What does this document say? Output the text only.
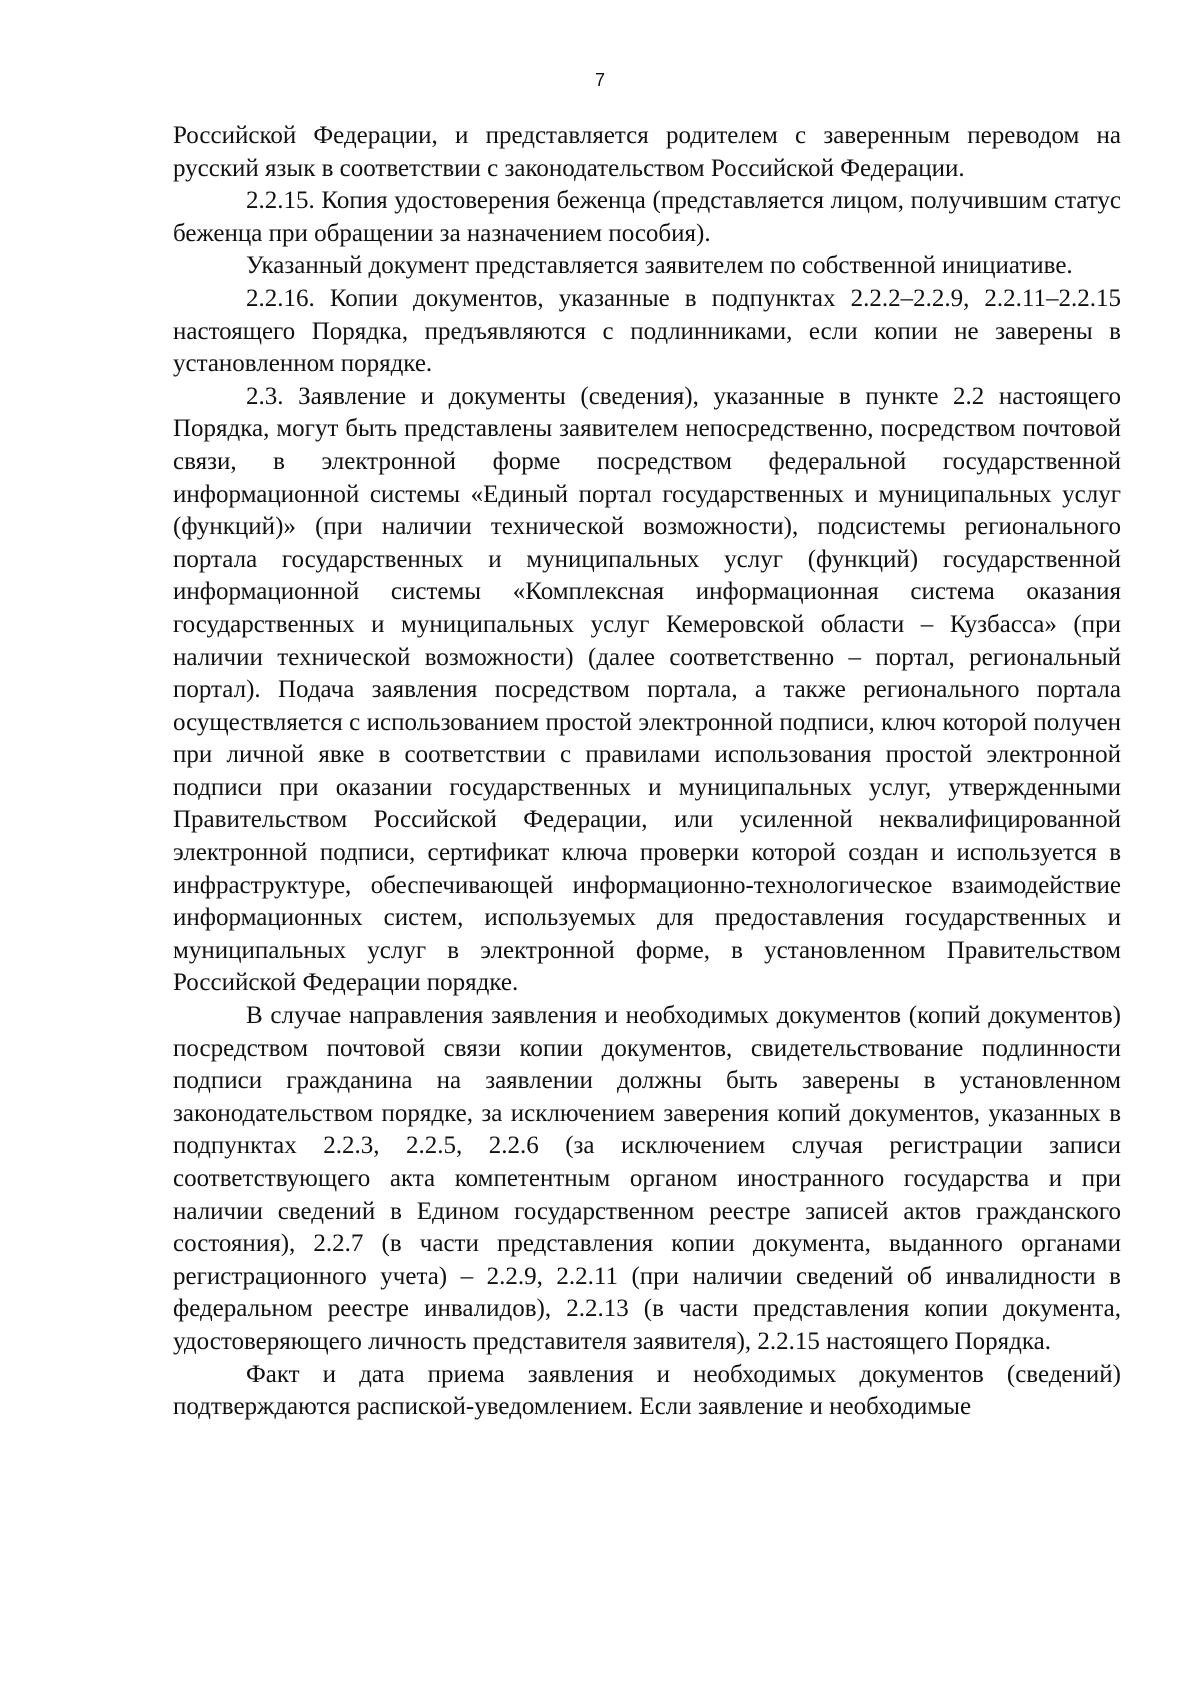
7

Российской Федерации, и представляется родителем с заверенным переводом на русский язык в соответствии с законодательством Российской Федерации.

2.2.15. Копия удостоверения беженца (представляется лицом, получившим статус беженца при обращении за назначением пособия).

Указанный документ представляется заявителем по собственной инициативе.

2.2.16. Копии документов, указанные в подпунктах 2.2.2–2.2.9, 2.2.11–2.2.15 настоящего Порядка, предъявляются с подлинниками, если копии не заверены в установленном порядке.

2.3. Заявление и документы (сведения), указанные в пункте 2.2 настоящего Порядка, могут быть представлены заявителем непосредственно, посредством почтовой связи, в электронной форме посредством федеральной государственной информационной системы «Единый портал государственных и муниципальных услуг (функций)» (при наличии технической возможности), подсистемы регионального портала государственных и муниципальных услуг (функций) государственной информационной системы «Комплексная информационная система оказания государственных и муниципальных услуг Кемеровской области – Кузбасса» (при наличии технической возможности) (далее соответственно – портал, региональный портал). Подача заявления посредством портала, а также регионального портала осуществляется с использованием простой электронной подписи, ключ которой получен при личной явке в соответствии с правилами использования простой электронной подписи при оказании государственных и муниципальных услуг, утвержденными Правительством Российской Федерации, или усиленной неквалифицированной электронной подписи, сертификат ключа проверки которой создан и используется в инфраструктуре, обеспечивающей информационно-технологическое взаимодействие информационных систем, используемых для предоставления государственных и муниципальных услуг в электронной форме, в установленном Правительством Российской Федерации порядке.

В случае направления заявления и необходимых документов (копий документов) посредством почтовой связи копии документов, свидетельствование подлинности подписи гражданина на заявлении должны быть заверены в установленном законодательством порядке, за исключением заверения копий документов, указанных в подпунктах 2.2.3, 2.2.5, 2.2.6 (за исключением случая регистрации записи соответствующего акта компетентным органом иностранного государства и при наличии сведений в Едином государственном реестре записей актов гражданского состояния), 2.2.7 (в части представления копии документа, выданного органами регистрационного учета) – 2.2.9, 2.2.11 (при наличии сведений об инвалидности в федеральном реестре инвалидов), 2.2.13 (в части представления копии документа, удостоверяющего личность представителя заявителя), 2.2.15 настоящего Порядка.

Факт и дата приема заявления и необходимых документов (сведений) подтверждаются распиской-уведомлением. Если заявление и необходимые
